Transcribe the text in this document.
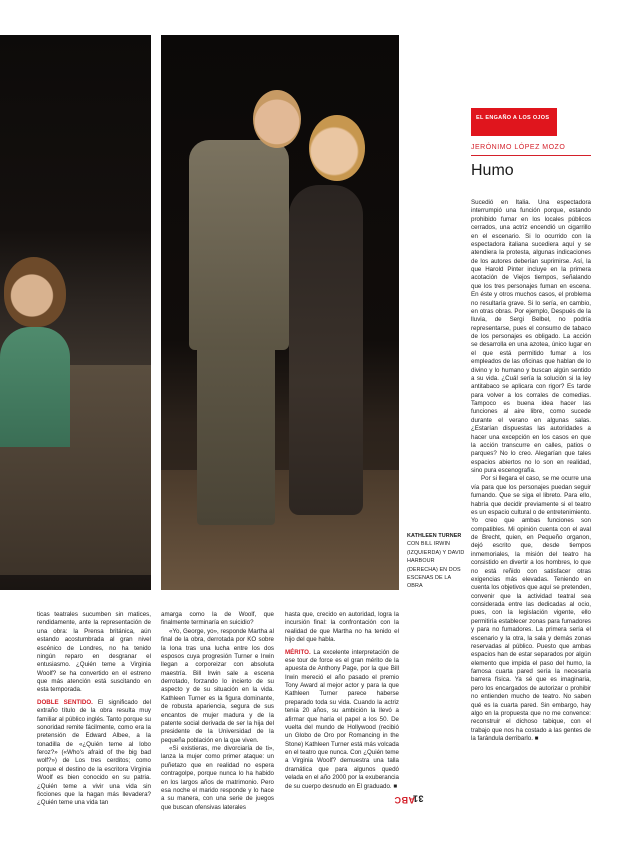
KATHLEEN TURNER CON BILL IRWIN (IZQUIERDA) Y DAVID HARBOUR (DERECHA) EN DOS ESCENAS DE LA OBRA
EL ENGAÑO A LOS OJOS
JERÓNIMO LÓPEZ MOZO
Humo

Sucedió en Italia. Una espectadora interrumpió una función porque, estando prohibido fumar en los locales públicos cerrados, una actriz encendió un cigarrillo en el escenario. Si lo ocurrido con la espectadora italiana sucediera aquí y se atendiera la protesta, algunas indicaciones de los autores deberían suprimirse. Así, la que Harold Pinter incluye en la primera acotación de Viejos tiempos, señalando que los tres personajes fuman en escena. En éste y otros muchos casos, el problema no resultaría grave. Si lo sería, en cambio, en otras obras. Por ejemplo, Después de la lluvia, de Sergi Belbel, no podría representarse, pues el consumo de tabaco de los personajes es obligado. La acción se desarrolla en una azotea, único lugar en el que está permitido fumar a los empleados de las oficinas que hablan de lo divino y lo humano y buscan algún sentido a su vida. ¿Cuál sería la solución si la ley antitabaco se aplicara con rigor? Es tarde para volver a los corrales de comedias. Tampoco es buena idea hacer las funciones al aire libre, como sucede durante el verano en algunas salas. ¿Estarían dispuestas las autoridades a hacer una excepción en los casos en que la acción transcurre en calles, patios o parques? No lo creo. Alegarían que tales espacios abiertos no lo son en realidad, sino pura escenografía.

Por si llegara el caso, se me ocurre una vía para que los personajes puedan seguir fumando. Que se siga el libreto. Para ello, habría que decidir previamente si el teatro es un espacio cultural o de entretenimiento. Yo creo que ambas funciones son compatibles. Mi opinión cuenta con el aval de Brecht, quien, en Pequeño organon, dejó escrito que, desde tiempos inmemoriales, la misión del teatro ha consistido en divertir a los hombres, lo que no está reñido con satisfacer otras exigencias más elevadas. Teniendo en cuenta los objetivos que aquí se pretenden, convenir que la actividad teatral sea considerada entre las dedicadas al ocio, pues, con la legislación vigente, ello permitiría establecer zonas para fumadores y para no fumadores. La primera sería el escenario y la otra, la sala y demás zonas reservadas al público. Puesto que ambas espacios han de estar separados por algún elemento que impida el paso del humo, la famosa cuarta pared sería la necesaria barrera física. Ya sé que es imaginaria, pero los encargados de autorizar o prohibir no entienden mucho de teatro. No saben qué es la cuarta pared. Sin embargo, hay algo en la propuesta que no me convence: reconstruir el dichoso tabique, con el trabajo que nos ha costado a las gentes de la farándula derribarlo. ■

ticas teatrales sucumben sin matices, rendidamente, ante la representación de una obra: la Prensa británica, aún estando acostumbrada al gran nivel escénico de Londres, no ha tenido ningún reparo en desgranar el entusiasmo. ¿Quién teme a Virginia Woolf? se ha convertido en el estreno que más atención está suscitando en esta temporada.

DOBLE SENTIDO. El significado del extraño título de la obra resulta muy familiar al público inglés. Tanto porque su sonoridad remite fácilmente, como era la pretensión de Edward Albee, a la tonadilla de «¿Quién teme al lobo feroz?» («Who's afraid of the big bad wolf?») de Los tres cerditos; como porque el destino de la escritora Virginia Woolf es bien conocido en su patria. ¿Quién teme a vivir una vida sin ficciones que la hagan más llevadera? ¿Quién teme una vida tan

amarga como la de Woolf, que finalmente terminaría en suicidio?

«Yo, George, yo», responde Martha al final de la obra, derrotada por KO sobre la lona tras una lucha entre los dos esposos cuya progresión Turner e Irwin llegan a corporeizar con absoluta maestría. Bill Irwin sale a escena derrotado, forzando lo incierto de su aspecto y de su situación en la vida. Kathleen Turner es la figura dominante, de robusta apariencia, segura de sus encantos de mujer madura y de la patente social derivada de ser la hija del presidente de la Universidad de la pequeña población en la que viven.

«Si existieras, me divorciaría de ti», lanza la mujer como primer ataque: un puñetazo que en realidad no espera contragolpe, porque nunca lo ha habido en los largos años de matrimonio. Pero esa noche el marido responde y lo hace a su manera, con una serie de juegos que buscan ofensivas laterales

hasta que, crecido en autoridad, logra la incursión final: la confrontación con la realidad de que Martha no ha tenido el hijo del que habla.

MÉRITO. La excelente interpretación de ese tour de force es el gran mérito de la apuesta de Anthony Page, por la que Bill Irwin mereció el año pasado el premio Tony Award al mejor actor y para la que Kathleen Turner parece haberse preparado toda su vida. Cuando la actriz tenía 20 años, su ambición la llevó a afirmar que haría el papel a los 50. De vuelta del mundo de Hollywood (recibió un Globo de Oro por Romancing in the Stone) Kathleen Turner está más volcada en el teatro que nunca. Con ¿Quién teme a Virginia Woolf? demuestra una talla dramática que para algunos quedó velada en el año 2000 por la exuberancia de su cuerpo desnudo en El graduado. ■

ABC
31
